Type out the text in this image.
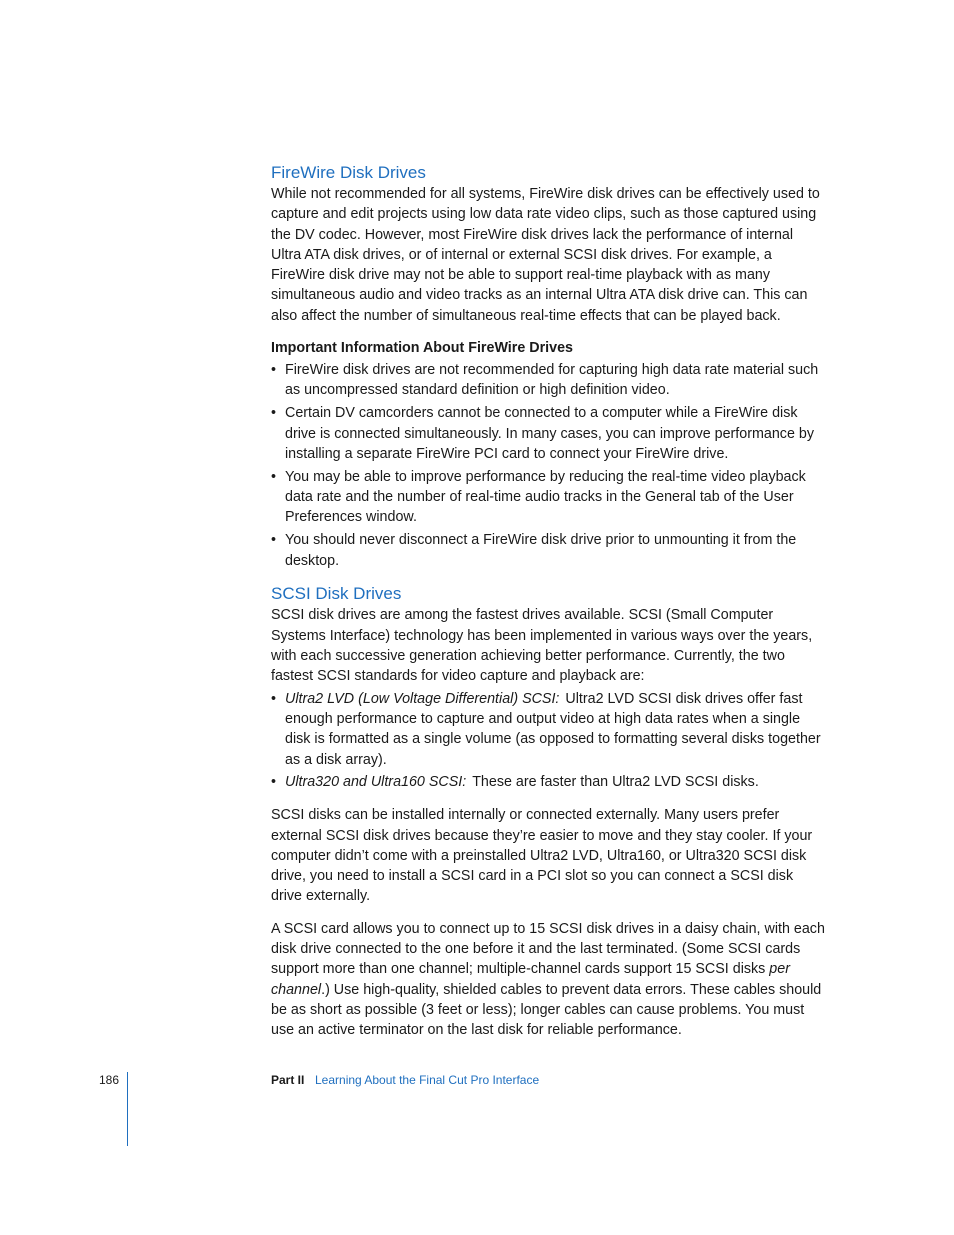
FireWire Disk Drives

While not recommended for all systems, FireWire disk drives can be effectively used to capture and edit projects using low data rate video clips, such as those captured using the DV codec. However, most FireWire disk drives lack the performance of internal Ultra ATA disk drives, or of internal or external SCSI disk drives. For example, a FireWire disk drive may not be able to support real-time playback with as many simultaneous audio and video tracks as an internal Ultra ATA disk drive can. This can also affect the number of simultaneous real-time effects that can be played back.

Important Information About FireWire Drives
• FireWire disk drives are not recommended for capturing high data rate material such as uncompressed standard definition or high definition video.
• Certain DV camcorders cannot be connected to a computer while a FireWire disk drive is connected simultaneously. In many cases, you can improve performance by installing a separate FireWire PCI card to connect your FireWire drive.
• You may be able to improve performance by reducing the real-time video playback data rate and the number of real-time audio tracks in the General tab of the User Preferences window.
• You should never disconnect a FireWire disk drive prior to unmounting it from the desktop.
SCSI Disk Drives

SCSI disk drives are among the fastest drives available. SCSI (Small Computer Systems Interface) technology has been implemented in various ways over the years, with each successive generation achieving better performance. Currently, the two fastest SCSI standards for video capture and playback are:

• Ultra2 LVD (Low Voltage Differential) SCSI: Ultra2 LVD SCSI disk drives offer fast enough performance to capture and output video at high data rates when a single disk is formatted as a single volume (as opposed to formatting several disks together as a disk array).
• Ultra320 and Ultra160 SCSI: These are faster than Ultra2 LVD SCSI disks.

SCSI disks can be installed internally or connected externally. Many users prefer external SCSI disk drives because they’re easier to move and they stay cooler. If your computer didn’t come with a preinstalled Ultra2 LVD, Ultra160, or Ultra320 SCSI disk drive, you need to install a SCSI card in a PCI slot so you can connect a SCSI disk drive externally.

A SCSI card allows you to connect up to 15 SCSI disk drives in a daisy chain, with each disk drive connected to the one before it and the last terminated. (Some SCSI cards support more than one channel; multiple-channel cards support 15 SCSI disks per channel.) Use high-quality, shielded cables to prevent data errors. These cables should be as short as possible (3 feet or less); longer cables can cause problems. You must use an active terminator on the last disk for reliable performance.

186	Part II Learning About the Final Cut Pro Interface
